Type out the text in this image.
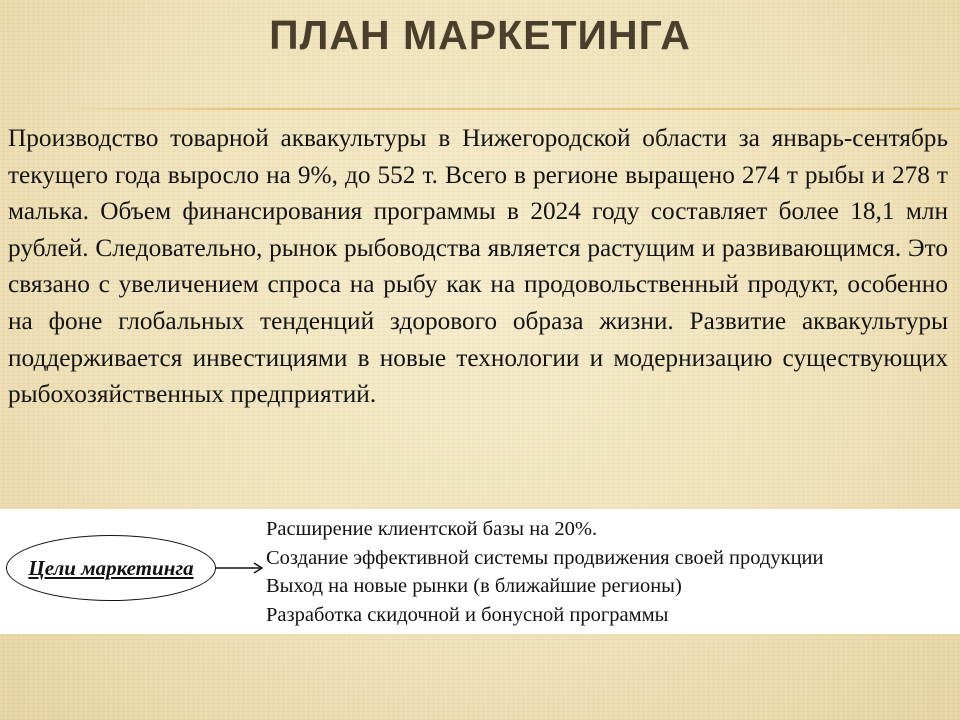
ПЛАН МАРКЕТИНГА
Производство товарной аквакультуры в Нижегородской области за январь-сентябрь текущего года выросло на 9%, до 552 т. Всего в регионе выращено 274 т рыбы и 278 т малька. Объем финансирования программы в 2024 году составляет более 18,1 млн рублей. Следовательно, рынок рыбоводства является растущим и развивающимся. Это связано с увеличением спроса на рыбу как на продовольственный продукт, особенно на фоне глобальных тенденций здорового образа жизни. Развитие аквакультуры поддерживается инвестициями в новые технологии и модернизацию существующих рыбохозяйственных предприятий.
Цели маркетинга
Расширение клиентской базы на 20%.
Создание эффективной системы продвижения своей продукции
Выход на новые рынки (в ближайшие регионы)
Разработка скидочной и бонусной программы
